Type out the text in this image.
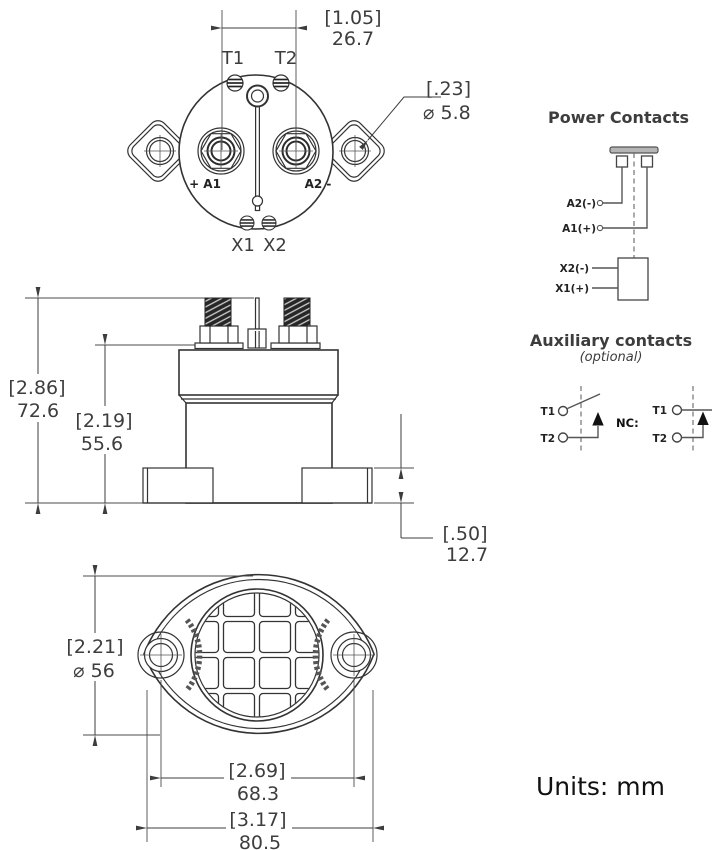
+ A1	A2 -
T1 T2
X1 X2
[1.05]
26.7
[.23]
⌀ 5.8
[2.86]
72.6 [2.19]
55.6
[.50]
12.7
[2.21]
⌀ 56
[2.69]
68.3
[3.17]
80.5
Power Contacts
A2(-)
A1(+)
X2(-)
X1(+)
Auxiliary contacts
(optional)
T1
T2
NC:
T1
T2
Units: mm
